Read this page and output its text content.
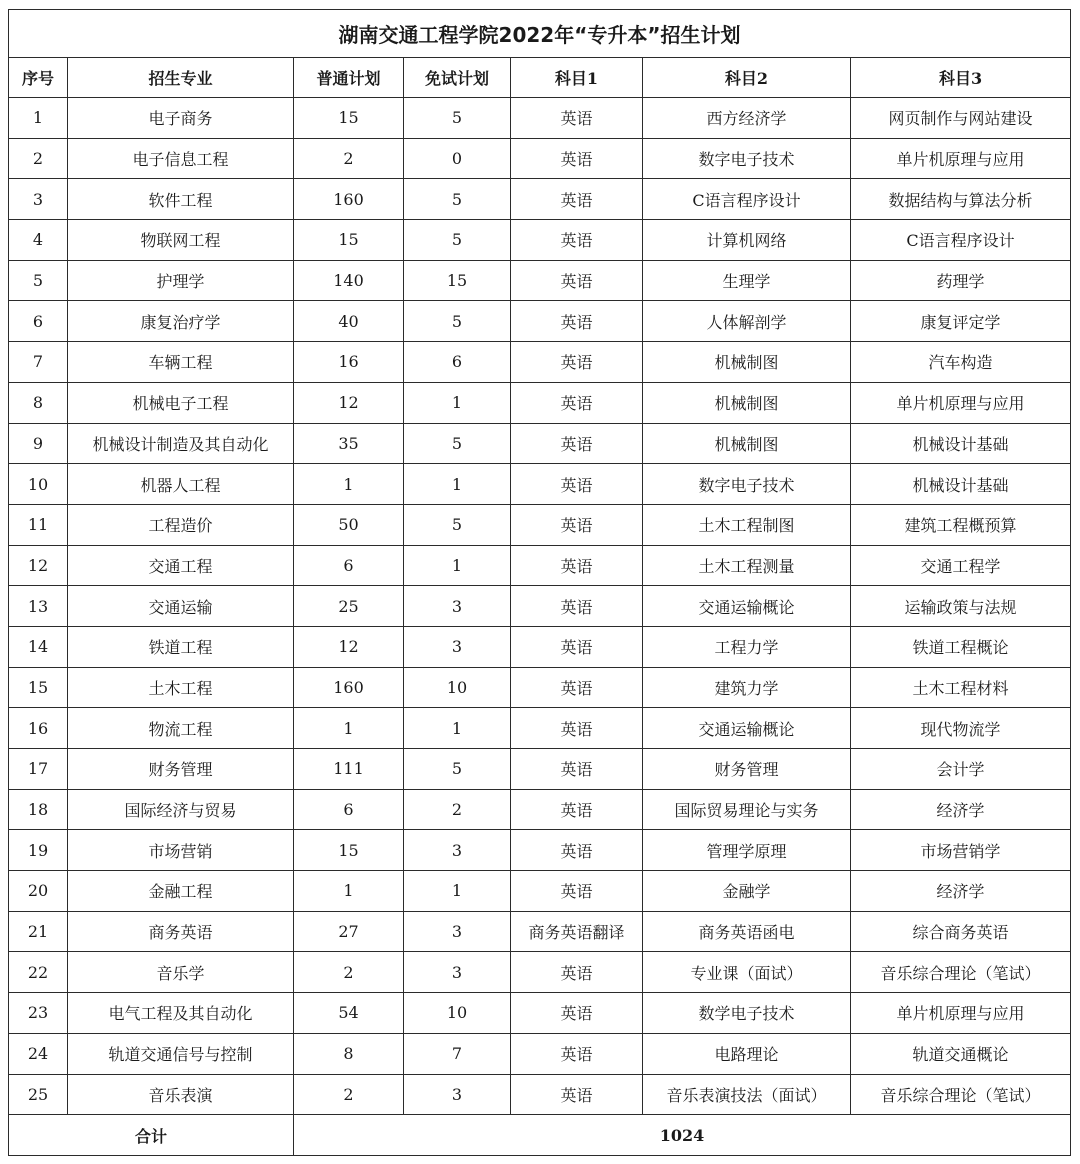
湖南交通工程学院2022年“专升本”招生计划						
序号	招生专业	普通计划	免试计划	科目1	科目2	科目3
1	电子商务	15	5	英语	西方经济学	网页制作与网站建设
2	电子信息工程	2	0	英语	数字电子技术	单片机原理与应用
3	软件工程	160	5	英语	C语言程序设计	数据结构与算法分析
4	物联网工程	15	5	英语	计算机网络	C语言程序设计
5	护理学	140	15	英语	生理学	药理学
6	康复治疗学	40	5	英语	人体解剖学	康复评定学
7	车辆工程	16	6	英语	机械制图	汽车构造
8	机械电子工程	12	1	英语	机械制图	单片机原理与应用
9	机械设计制造及其自动化	35	5	英语	机械制图	机械设计基础
10	机器人工程	1	1	英语	数字电子技术	机械设计基础
11	工程造价	50	5	英语	土木工程制图	建筑工程概预算
12	交通工程	6	1	英语	土木工程测量	交通工程学
13	交通运输	25	3	英语	交通运输概论	运输政策与法规
14	铁道工程	12	3	英语	工程力学	铁道工程概论
15	土木工程	160	10	英语	建筑力学	土木工程材料
16	物流工程	1	1	英语	交通运输概论	现代物流学
17	财务管理	111	5	英语	财务管理	会计学
18	国际经济与贸易	6	2	英语	国际贸易理论与实务	经济学
19	市场营销	15	3	英语	管理学原理	市场营销学
20	金融工程	1	1	英语	金融学	经济学
21	商务英语	27	3	商务英语翻译	商务英语函电	综合商务英语
22	音乐学	2	3	英语	专业课（面试）	音乐综合理论（笔试）
23	电气工程及其自动化	54	10	英语	数学电子技术	单片机原理与应用
24	轨道交通信号与控制	8	7	英语	电路理论	轨道交通概论
25	音乐表演	2	3	英语	音乐表演技法（面试）	音乐综合理论（笔试）
合计		1024				
